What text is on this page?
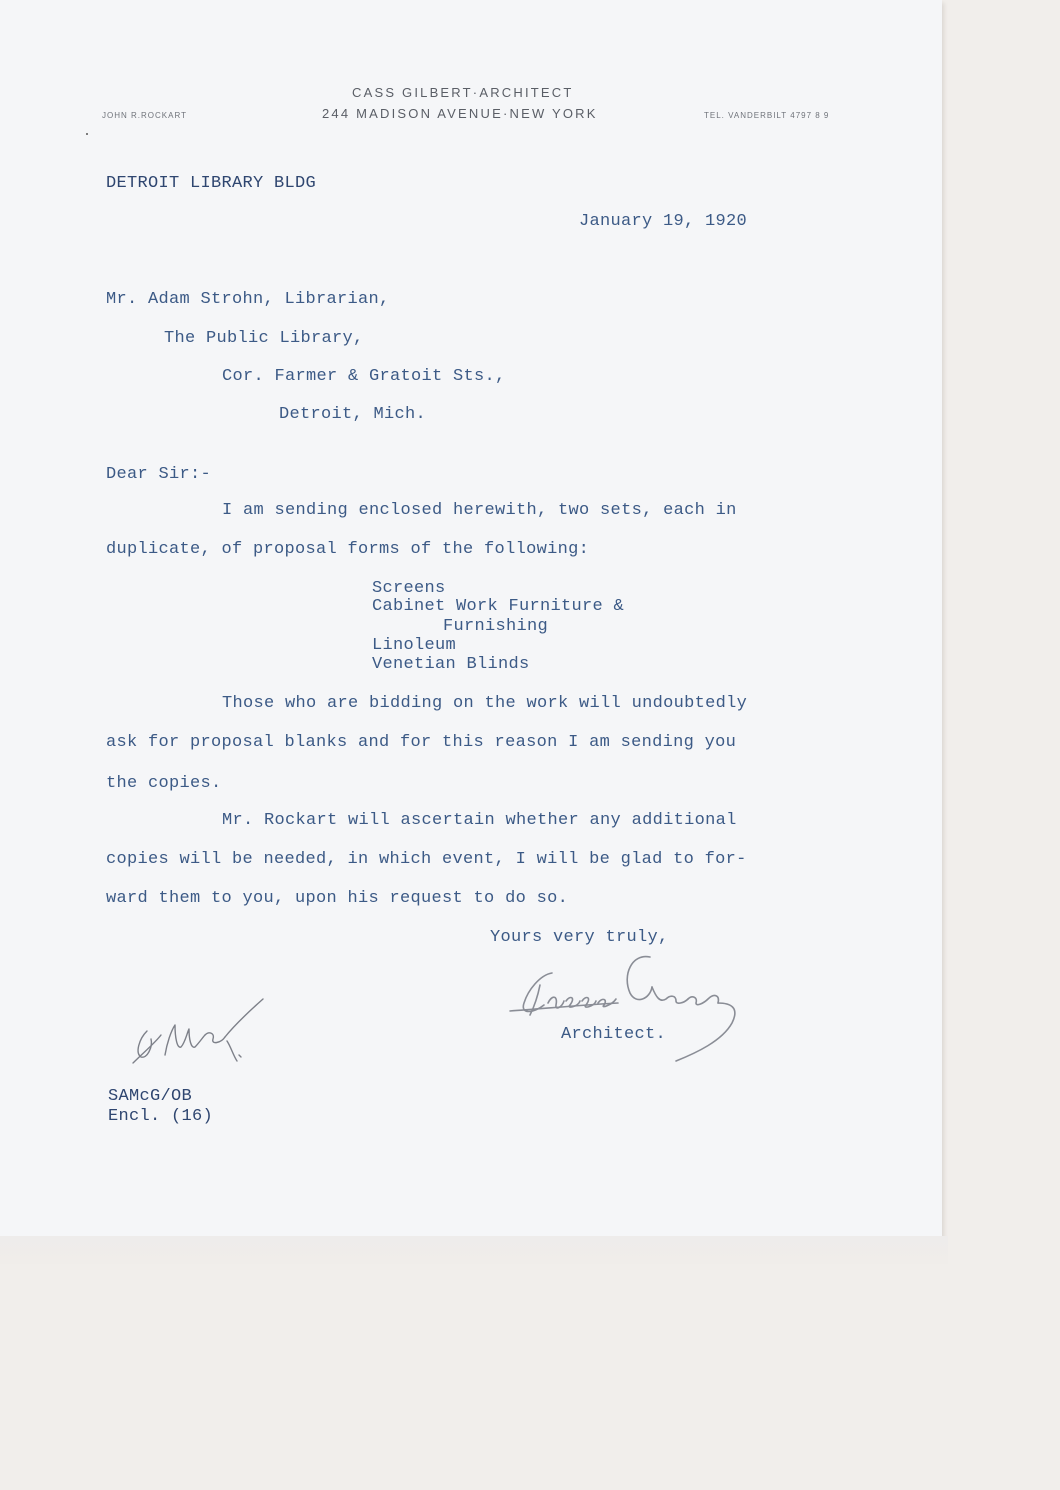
CASS GILBERT·ARCHITECT
244 MADISON AVENUE·NEW YORK
JOHN R.ROCKART	TEL. VANDERBILT 4797 8 9
DETROIT LIBRARY BLDG
January 19, 1920
Mr. Adam Strohn, Librarian,
The Public Library,
Cor. Farmer & Gratoit Sts.,
Detroit, Mich.
Dear Sir:-
I am sending enclosed herewith, two sets, each in
duplicate, of proposal forms of the following:
Screens
Cabinet Work Furniture &
Furnishing
Linoleum
Venetian Blinds
Those who are bidding on the work will undoubtedly
ask for proposal blanks and for this reason I am sending you
the copies.
Mr. Rockart will ascertain whether any additional
copies will be needed, in which event, I will be glad to for-
ward them to you, upon his request to do so.
Yours very truly,
Architect.
SAMcG/OB
Encl. (16)
